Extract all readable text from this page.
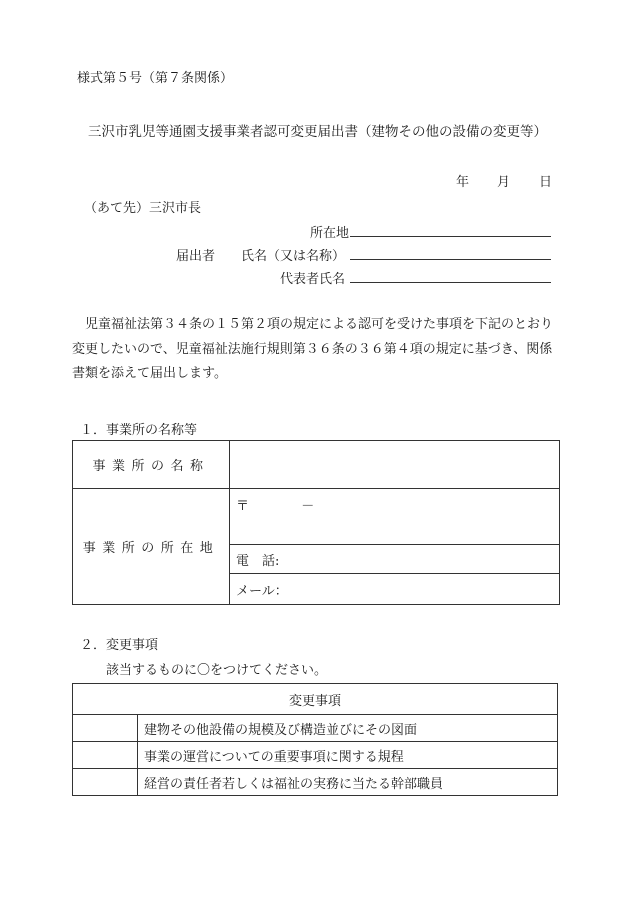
様式第５号（第７条関係）
三沢市乳児等通園支援事業者認可変更届出書（建物その他の設備の変更等）
年 月 日
（あて先）三沢市長
所在地
届出者 氏名（又は名称）
代表者氏名
児童福祉法第３４条の１５第２項の規定による認可を受けた事項を下記のとおり変更したいので、児童福祉法施行規則第３６条の３６第４項の規定に基づき、関係書類を添えて届出します。
１．事業所の名称等
事業所の名称	
事業所の所在地	〒 －

	電　話:
	メール：
２．変更事項
該当するものに〇をつけてください。
変更事項	
	建物その他設備の規模及び構造並びにその図面
	事業の運営についての重要事項に関する規程
	経営の責任者若しくは福祉の実務に当たる幹部職員
